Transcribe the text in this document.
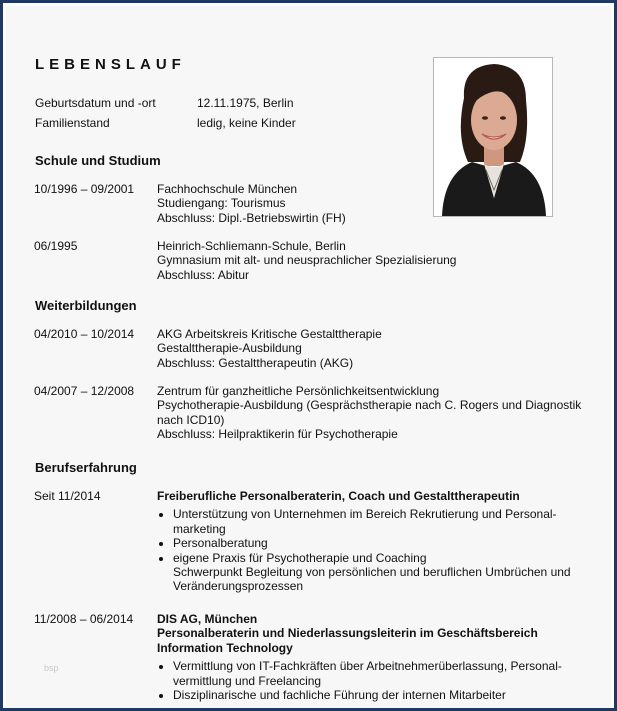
LEBENSLAUF
Geburtsdatum und -ort	12.11.1975, Berlin
Familienstand	ledig, keine Kinder
Schule und Studium
10/1996 – 09/2001 Fachhochschule München
Studiengang: Tourismus
Abschluss: Dipl.-Betriebswirtin (FH)
06/1995	Heinrich-Schliemann-Schule, Berlin
Gymnasium mit alt- und neusprachlicher Spezialisierung
Abschluss: Abitur
Weiterbildungen
04/2010 – 10/2014 AKG Arbeitskreis Kritische Gestalttherapie
Gestalttherapie-Ausbildung
Abschluss: Gestalttherapeutin (AKG)
04/2007 – 12/2008 Zentrum für ganzheitliche Persönlichkeitsentwicklung
Psychotherapie-Ausbildung (Gesprächstherapie nach C. Rogers und Diagnostik nach ICD10)
Abschluss: Heilpraktikerin für Psychotherapie
Berufserfahrung
Seit 11/2014	Freiberufliche Personalberaterin, Coach und Gestalttherapeutin
• Unterstützung von Unternehmen im Bereich Rekrutierung und Personal-
marketing
• Personalberatung
• eigene Praxis für Psychotherapie und Coaching
Schwerpunkt Begleitung von persönlichen und beruflichen Umbrüchen und
Veränderungsprozessen
11/2008 – 06/2014 DIS AG, München
Personalberaterin und Niederlassungsleiterin im Geschäftsbereich
Information Technology
• Vermittlung von IT-Fachkräften über Arbeitnehmerüberlassung, Personal-
vermittlung und Freelancing
• Disziplinarische und fachliche Führung der internen Mitarbeiter
bsp
